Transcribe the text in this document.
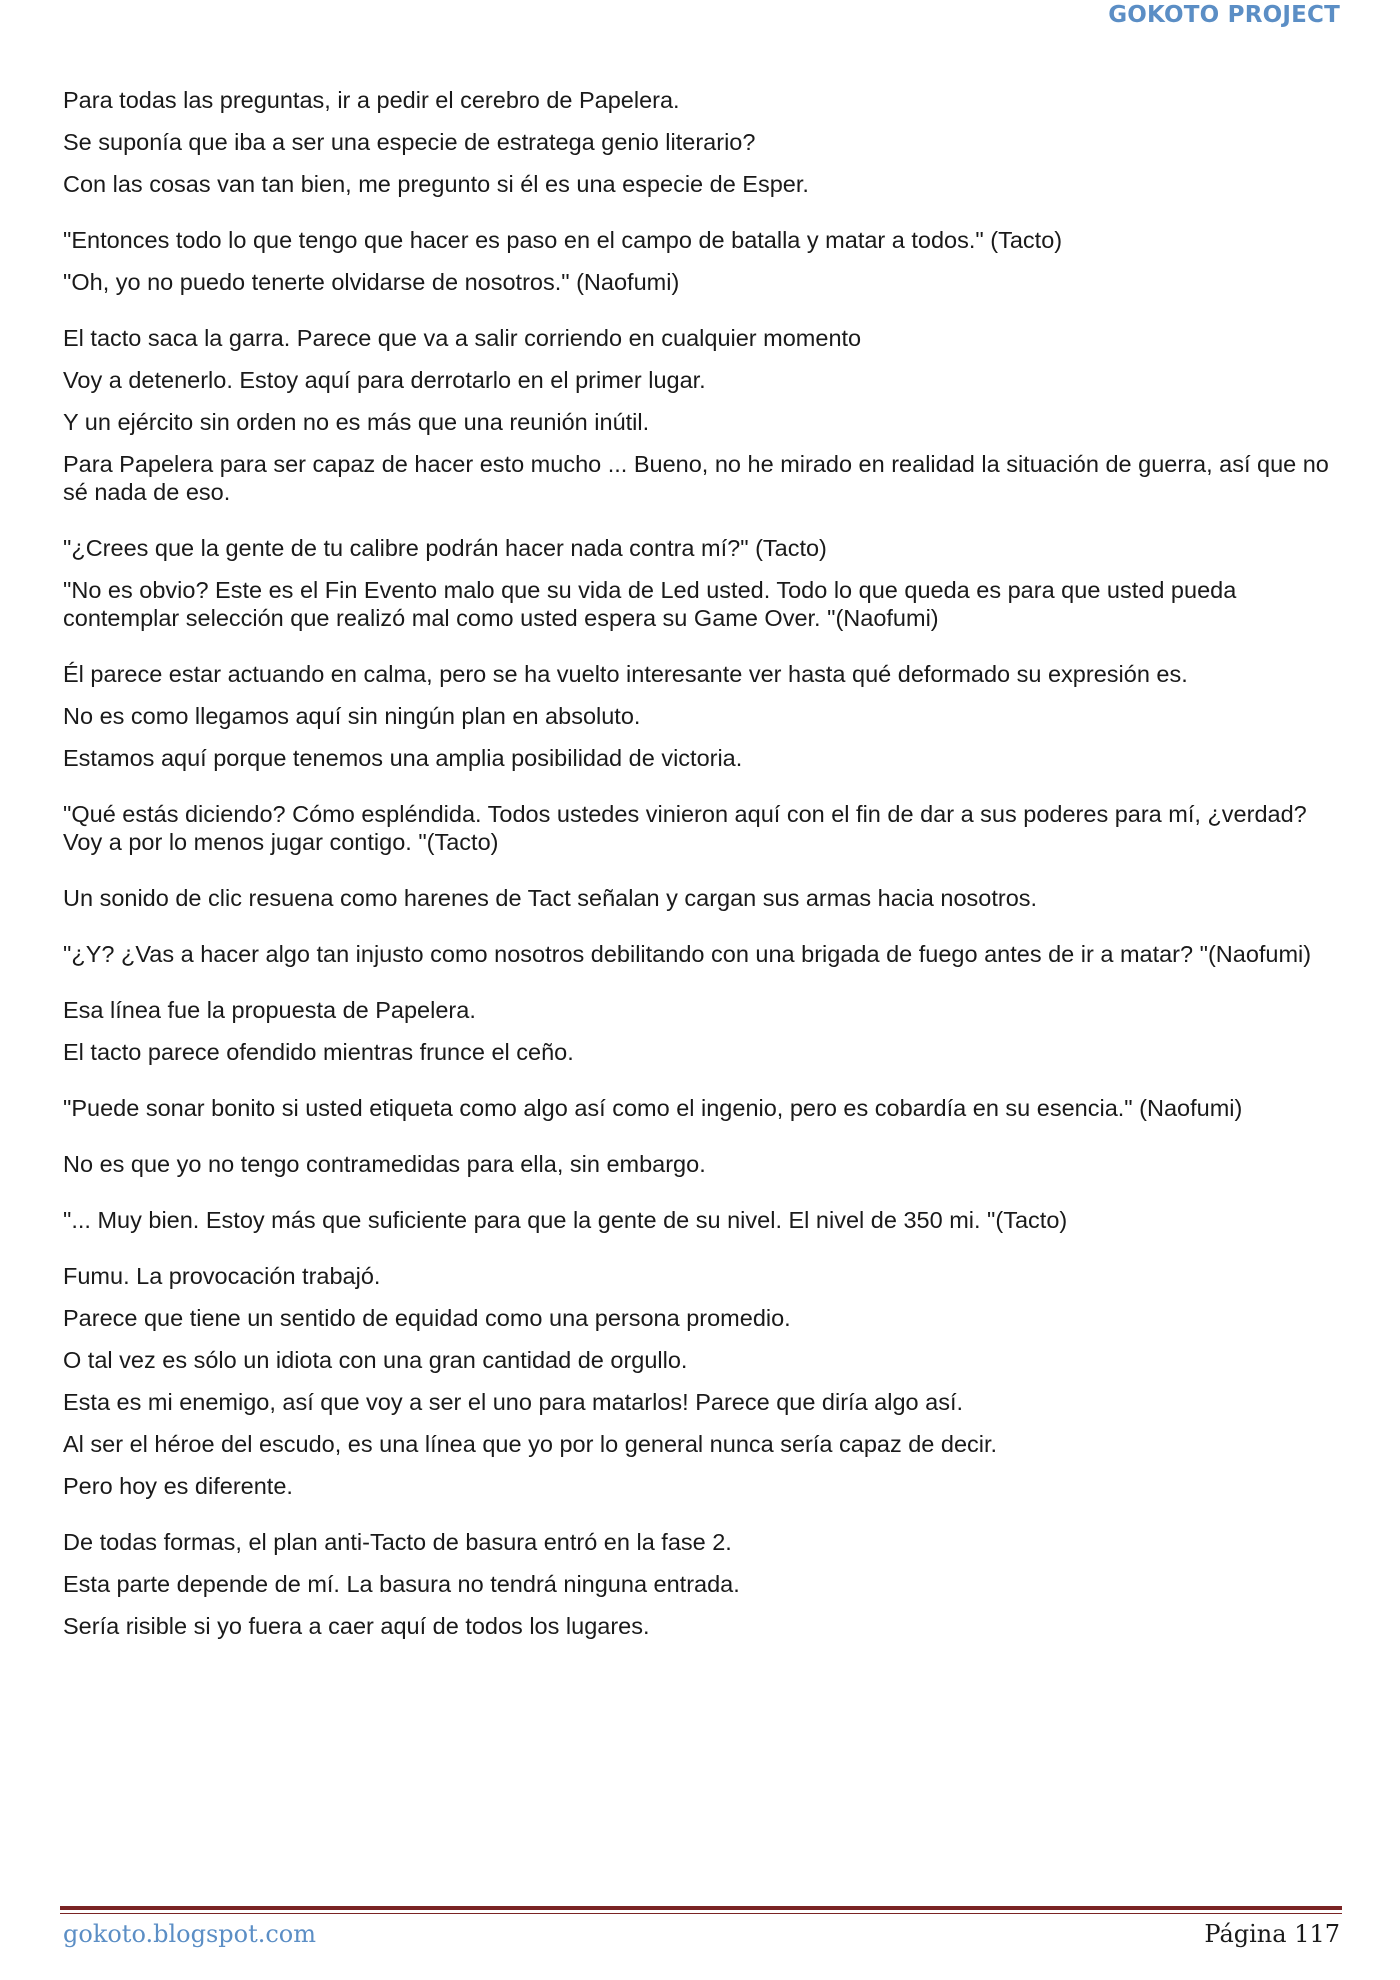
GOKOTO PROJECT
Para todas las preguntas, ir a pedir el cerebro de Papelera.
Se suponía que iba a ser una especie de estratega genio literario?
Con las cosas van tan bien, me pregunto si él es una especie de Esper.
"Entonces todo lo que tengo que hacer es paso en el campo de batalla y matar a todos." (Tacto)
"Oh, yo no puedo tenerte olvidarse de nosotros." (Naofumi)
El tacto saca la garra. Parece que va a salir corriendo en cualquier momento
Voy a detenerlo. Estoy aquí para derrotarlo en el primer lugar.
Y un ejército sin orden no es más que una reunión inútil.
Para Papelera para ser capaz de hacer esto mucho ... Bueno, no he mirado en realidad la situación de guerra, así que no sé nada de eso.
"¿Crees que la gente de tu calibre podrán hacer nada contra mí?" (Tacto)
"No es obvio? Este es el Fin Evento malo que su vida de Led usted. Todo lo que queda es para que usted pueda contemplar selección que realizó mal como usted espera su Game Over. "(Naofumi)
Él parece estar actuando en calma, pero se ha vuelto interesante ver hasta qué deformado su expresión es.
No es como llegamos aquí sin ningún plan en absoluto.
Estamos aquí porque tenemos una amplia posibilidad de victoria.
"Qué estás diciendo? Cómo espléndida. Todos ustedes vinieron aquí con el fin de dar a sus poderes para mí, ¿verdad? Voy a por lo menos jugar contigo. "(Tacto)
Un sonido de clic resuena como harenes de Tact señalan y cargan sus armas hacia nosotros.
"¿Y? ¿Vas a hacer algo tan injusto como nosotros debilitando con una brigada de fuego antes de ir a matar? "(Naofumi)
Esa línea fue la propuesta de Papelera.
El tacto parece ofendido mientras frunce el ceño.
"Puede sonar bonito si usted etiqueta como algo así como el ingenio, pero es cobardía en su esencia." (Naofumi)
No es que yo no tengo contramedidas para ella, sin embargo.
"... Muy bien. Estoy más que suficiente para que la gente de su nivel. El nivel de 350 mi. "(Tacto)
Fumu. La provocación trabajó.
Parece que tiene un sentido de equidad como una persona promedio.
O tal vez es sólo un idiota con una gran cantidad de orgullo.
Esta es mi enemigo, así que voy a ser el uno para matarlos! Parece que diría algo así.
Al ser el héroe del escudo, es una línea que yo por lo general nunca sería capaz de decir.
Pero hoy es diferente.
De todas formas, el plan anti-Tacto de basura entró en la fase 2.
Esta parte depende de mí. La basura no tendrá ninguna entrada.
Sería risible si yo fuera a caer aquí de todos los lugares.
gokoto.blogspot.com	Página 117
